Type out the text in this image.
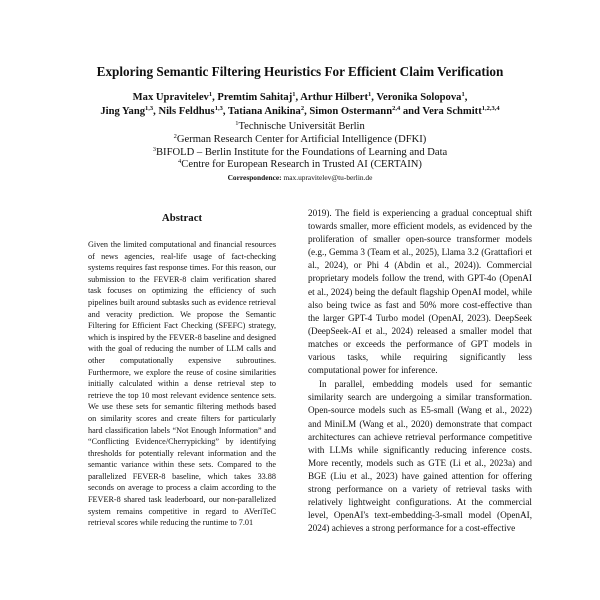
Exploring Semantic Filtering Heuristics For Efficient Claim Verification
Max Upravitelev$^1$, Premtim Sahitaj$^1$, Arthur Hilbert$^1$, Veronika Solopova$^1$,
Jing Yang$^{1,3}$, Nils Feldhus$^{1,3}$, Tatiana Anikina$^2$, Simon Ostermann$^{2,4}$ and Vera Schmitt$^{1,2,3,4}$
$^1$Technische Universität Berlin
$^2$German Research Center for Artificial Intelligence (DFKI)
$^3$BIFOLD – Berlin Institute for the Foundations of Learning and Data
$^4$Centre for European Research in Trusted AI (CERTAIN)
Correspondence: max.upravitelev@tu-berlin.de
Abstract
Given the limited computational and financial resources of news agencies, real-life usage of fact-checking systems requires fast response times. For this reason, our submission to the FEVER-8 claim verification shared task focuses on optimizing the efficiency of such pipelines built around subtasks such as evidence retrieval and veracity prediction. We propose the Semantic Filtering for Efficient Fact Checking (SFEFC) strategy, which is inspired by the FEVER-8 baseline and designed with the goal of reducing the number of LLM calls and other computationally expensive subroutines. Furthermore, we explore the reuse of cosine similarities initially calculated within a dense retrieval step to retrieve the top 10 most relevant evidence sentence sets. We use these sets for semantic filtering methods based on similarity scores and create filters for particularly hard classification labels “Not Enough Information” and “Conflicting Evidence/Cherrypicking” by identifying thresholds for potentially relevant information and the semantic variance within these sets. Compared to the parallelized FEVER-8 baseline, which takes 33.88 seconds on average to process a claim according to the FEVER-8 shared task leaderboard, our non-parallelized system remains competitive in regard to AVeriTeC retrieval scores while reducing the runtime to 7.01

2019). The field is experiencing a gradual conceptual shift towards smaller, more efficient models, as evidenced by the proliferation of smaller open-source transformer models (e.g., Gemma 3 (Team et al., 2025), Llama 3.2 (Grattafiori et al., 2024), or Phi 4 (Abdin et al., 2024)). Commercial proprietary models follow the trend, with GPT-4o (OpenAI et al., 2024) being the default flagship OpenAI model, while also being twice as fast and 50% more cost-effective than the larger GPT-4 Turbo model (OpenAI, 2023). DeepSeek (DeepSeek-AI et al., 2024) released a smaller model that matches or exceeds the performance of GPT models in various tasks, while requiring significantly less computational power for inference.

In parallel, embedding models used for semantic similarity search are undergoing a similar transformation. Open-source models such as E5-small (Wang et al., 2022) and MiniLM (Wang et al., 2020) demonstrate that compact architectures can achieve retrieval performance competitive with LLMs while significantly reducing inference costs. More recently, models such as GTE (Li et al., 2023a) and BGE (Liu et al., 2023) have gained attention for offering strong performance on a variety of retrieval tasks with relatively lightweight configurations. At the commercial level, OpenAI's text-embedding-3-small model (OpenAI, 2024) achieves a strong performance for a cost-effective
